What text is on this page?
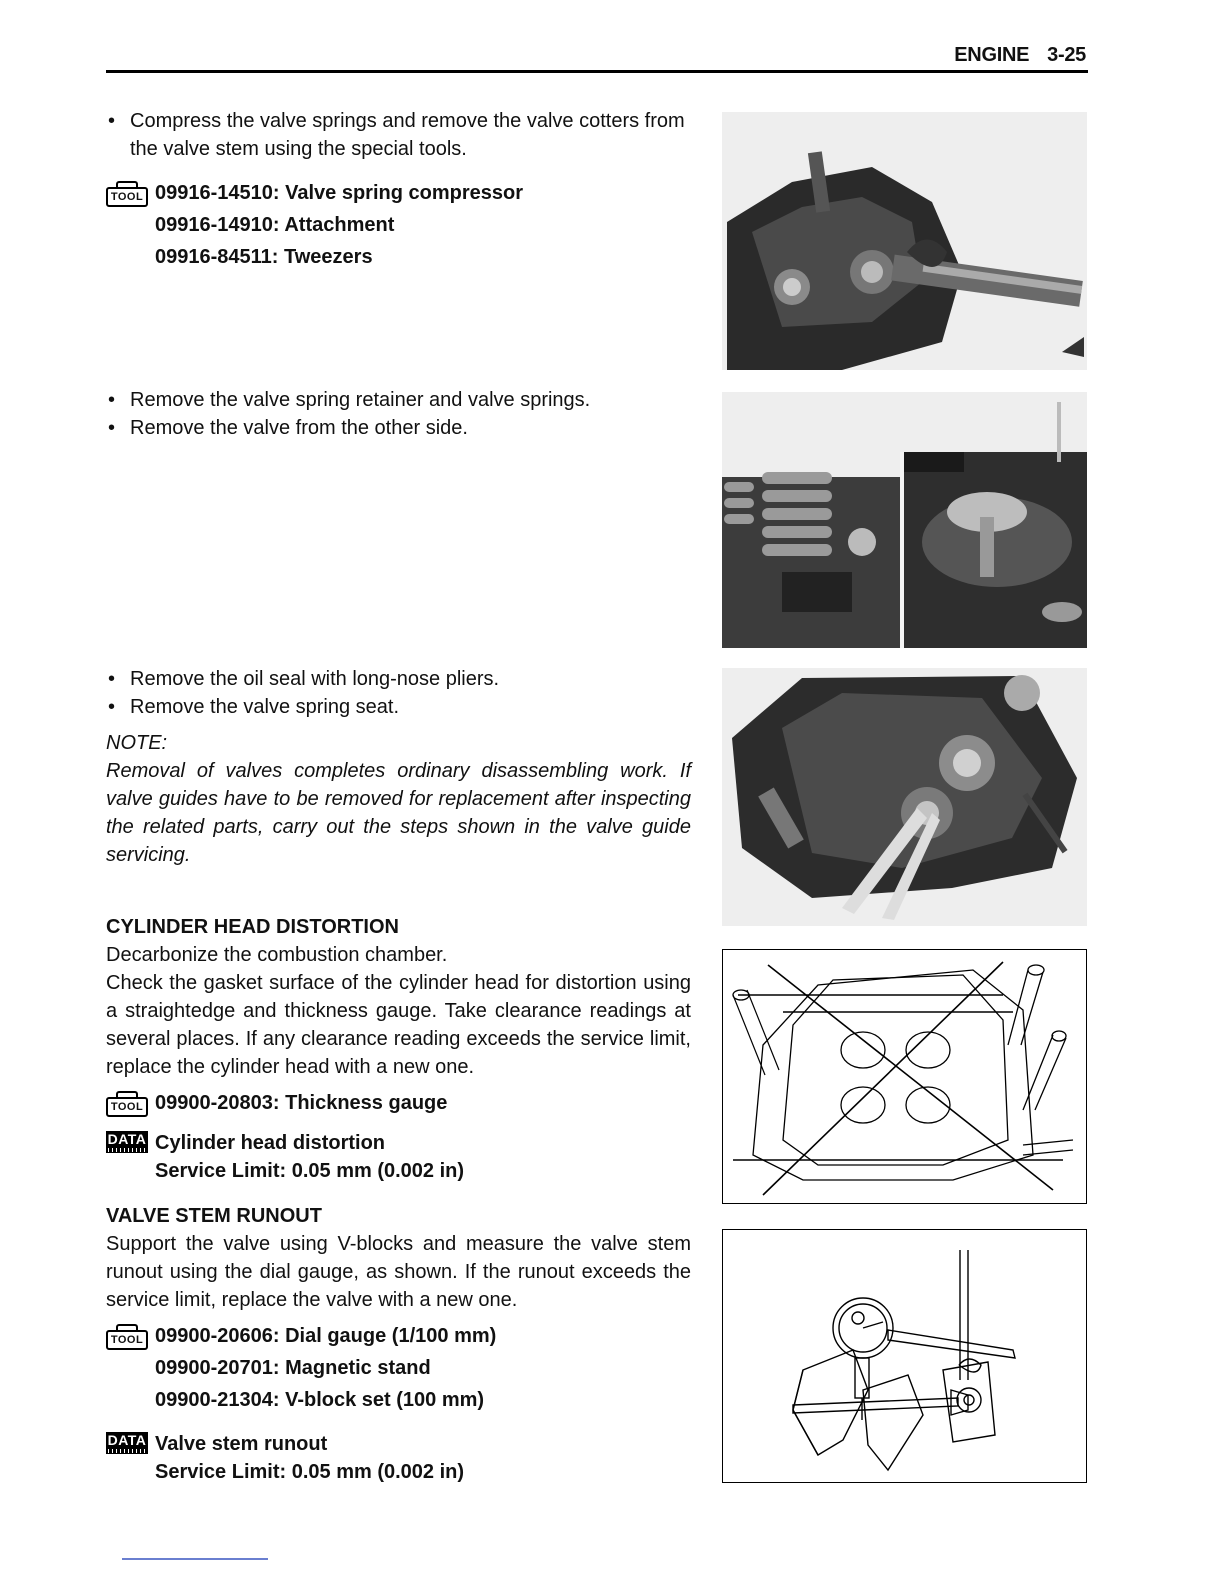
ENGINE 3-25
• Compress the valve springs and remove the valve cotters from the valve stem using the special tools.
TOOL 09916-14510: Valve spring compressor
09916-14910: Attachment
09916-84511: Tweezers
• Remove the valve spring retainer and valve springs.
• Remove the valve from the other side.
• Remove the oil seal with long-nose pliers.
• Remove the valve spring seat.
NOTE:
Removal of valves completes ordinary disassembling work. If valve guides have to be removed for replacement after inspecting the related parts, carry out the steps shown in the valve guide servicing.
CYLINDER HEAD DISTORTION
Decarbonize the combustion chamber.
Check the gasket surface of the cylinder head for distortion using a straightedge and thickness gauge. Take clearance readings at several places. If any clearance reading exceeds the service limit, replace the cylinder head with a new one.
TOOL 09900-20803: Thickness gauge
DATA Cylinder head distortion
Service Limit: 0.05 mm (0.002 in)
VALVE STEM RUNOUT
Support the valve using V-blocks and measure the valve stem runout using the dial gauge, as shown. If the runout exceeds the service limit, replace the valve with a new one.
TOOL 09900-20606: Dial gauge (1/100 mm)
09900-20701: Magnetic stand
09900-21304: V-block set (100 mm)
DATA Valve stem runout
Service Limit: 0.05 mm (0.002 in)
